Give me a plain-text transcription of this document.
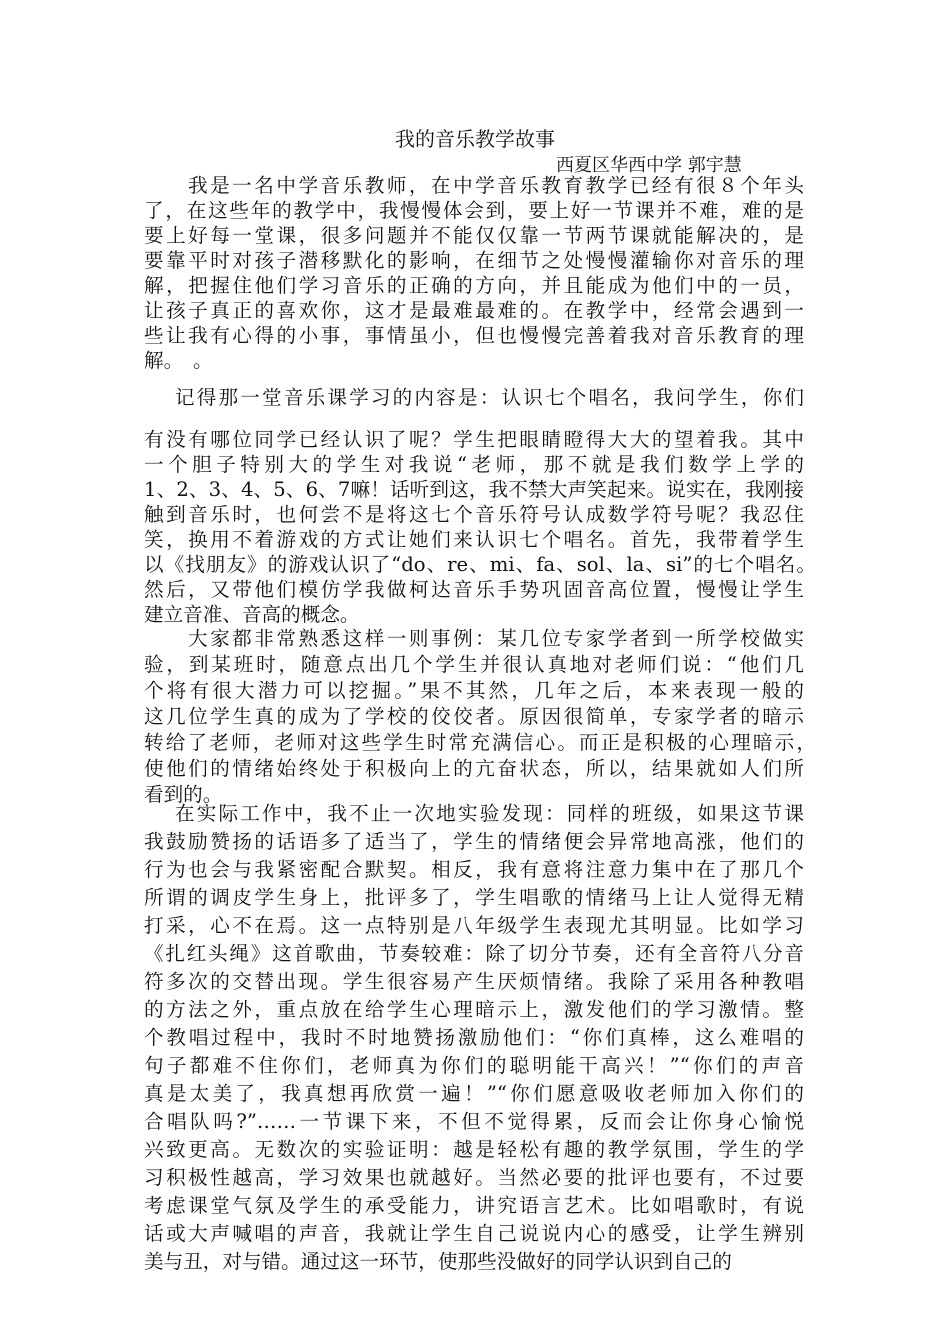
我的音乐教学故事
西夏区华西中学 郭宇慧
我是一名中学音乐教师，在中学音乐教育教学已经有很８个年头
了，在这些年的教学中，我慢慢体会到，要上好一节课并不难，难的是
要上好每一堂课，很多问题并不能仅仅靠一节两节课就能解决的，是
要靠平时对孩子潜移默化的影响，在细节之处慢慢灌输你对音乐的理
解，把握住他们学习音乐的正确的方向，并且能成为他们中的一员，
让孩子真正的喜欢你，这才是最难最难的。在教学中，经常会遇到一
些让我有心得的小事，事情虽小，但也慢慢完善着我对音乐教育的理
解。　。
记得那一堂音乐课学习的内容是：认识七个唱名，我问学生，你们
有没有哪位同学已经认识了呢？学生把眼睛瞪得大大的望着我。其中
一个胆子特别大的学生对我说“老师，那不就是我们数学上学的
1、2、3、4、5、6、7嘛！话听到这，我不禁大声笑起来。说实在，我刚接
触到音乐时，也何尝不是将这七个音乐符号认成数学符号呢？我忍住
笑，换用不着游戏的方式让她们来认识七个唱名。首先，我带着学生
以《找朋友》的游戏认识了“do、re、mi、fa、sol、la、si”的七个唱名。
然后，又带他们模仿学我做柯达音乐手势巩固音高位置，慢慢让学生
建立音准、音高的概念。
大家都非常熟悉这样一则事例：某几位专家学者到一所学校做实
验，到某班时，随意点出几个学生并很认真地对老师们说：“他们几
个将有很大潜力可以挖掘。”果不其然，几年之后，本来表现一般的
这几位学生真的成为了学校的佼佼者。原因很简单，专家学者的暗示
转给了老师，老师对这些学生时常充满信心。而正是积极的心理暗示，
使他们的情绪始终处于积极向上的亢奋状态，所以，结果就如人们所
看到的。
在实际工作中，我不止一次地实验发现：同样的班级，如果这节课
我鼓励赞扬的话语多了适当了，学生的情绪便会异常地高涨，他们的
行为也会与我紧密配合默契。相反，我有意将注意力集中在了那几个
所谓的调皮学生身上，批评多了，学生唱歌的情绪马上让人觉得无精
打采，心不在焉。这一点特别是八年级学生表现尤其明显。比如学习
《扎红头绳》这首歌曲，节奏较难：除了切分节奏，还有全音符八分音
符多次的交替出现。学生很容易产生厌烦情绪。我除了采用各种教唱
的方法之外，重点放在给学生心理暗示上，激发他们的学习激情。整
个教唱过程中，我时不时地赞扬激励他们：“你们真棒，这么难唱的
句子都难不住你们，老师真为你们的聪明能干高兴！”“你们的声音
真是太美了，我真想再欣赏一遍！”“你们愿意吸收老师加入你们的
合唱队吗?”……一节课下来，不但不觉得累，反而会让你身心愉悦
兴致更高。无数次的实验证明：越是轻松有趣的教学氛围，学生的学
习积极性越高，学习效果也就越好。当然必要的批评也要有，不过要
考虑课堂气氛及学生的承受能力，讲究语言艺术。比如唱歌时，有说
话或大声喊唱的声音，我就让学生自己说说内心的感受，让学生辨别
美与丑，对与错。通过这一环节，使那些没做好的同学认识到自己的
